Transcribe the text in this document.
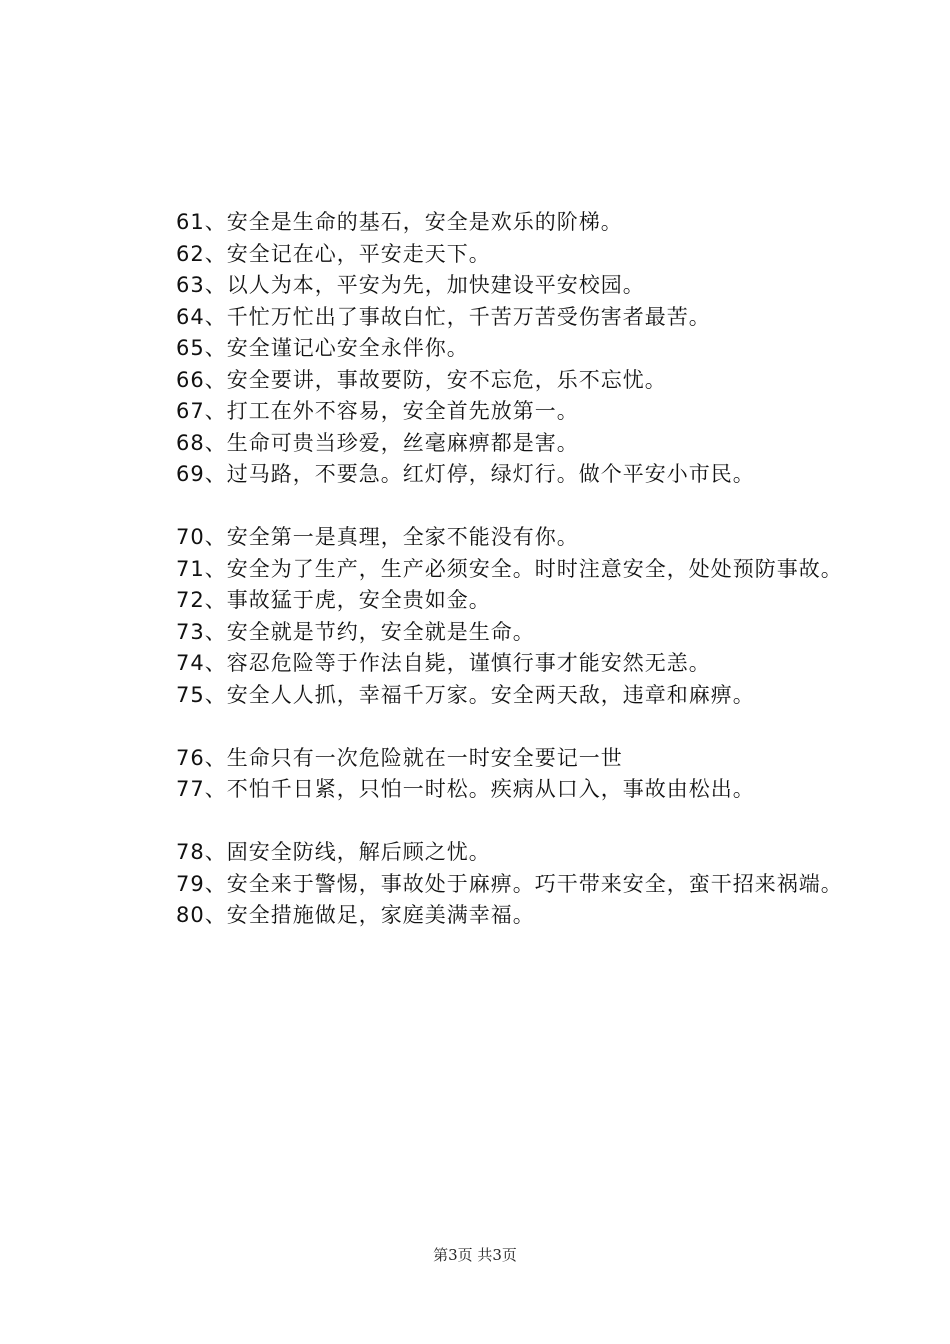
61、安全是生命的基石，安全是欢乐的阶梯。
62、安全记在心，平安走天下。
63、以人为本，平安为先，加快建设平安校园。
64、千忙万忙出了事故白忙，千苦万苦受伤害者最苦。
65、安全谨记心安全永伴你。
66、安全要讲，事故要防，安不忘危，乐不忘忧。
67、打工在外不容易，安全首先放第一。
68、生命可贵当珍爱，丝毫麻痹都是害。
69、过马路，不要急。红灯停，绿灯行。做个平安小市民。
70、安全第一是真理，全家不能没有你。
71、安全为了生产，生产必须安全。时时注意安全，处处预防事故。
72、事故猛于虎，安全贵如金。
73、安全就是节约，安全就是生命。
74、容忍危险等于作法自毙，谨慎行事才能安然无恙。
75、安全人人抓，幸福千万家。安全两天敌，违章和麻痹。
76、生命只有一次危险就在一时安全要记一世
77、不怕千日紧，只怕一时松。疾病从口入，事故由松出。
78、固安全防线，解后顾之忧。
79、安全来于警惕，事故处于麻痹。巧干带来安全，蛮干招来祸端。
80、安全措施做足，家庭美满幸福。
第3页 共3页
